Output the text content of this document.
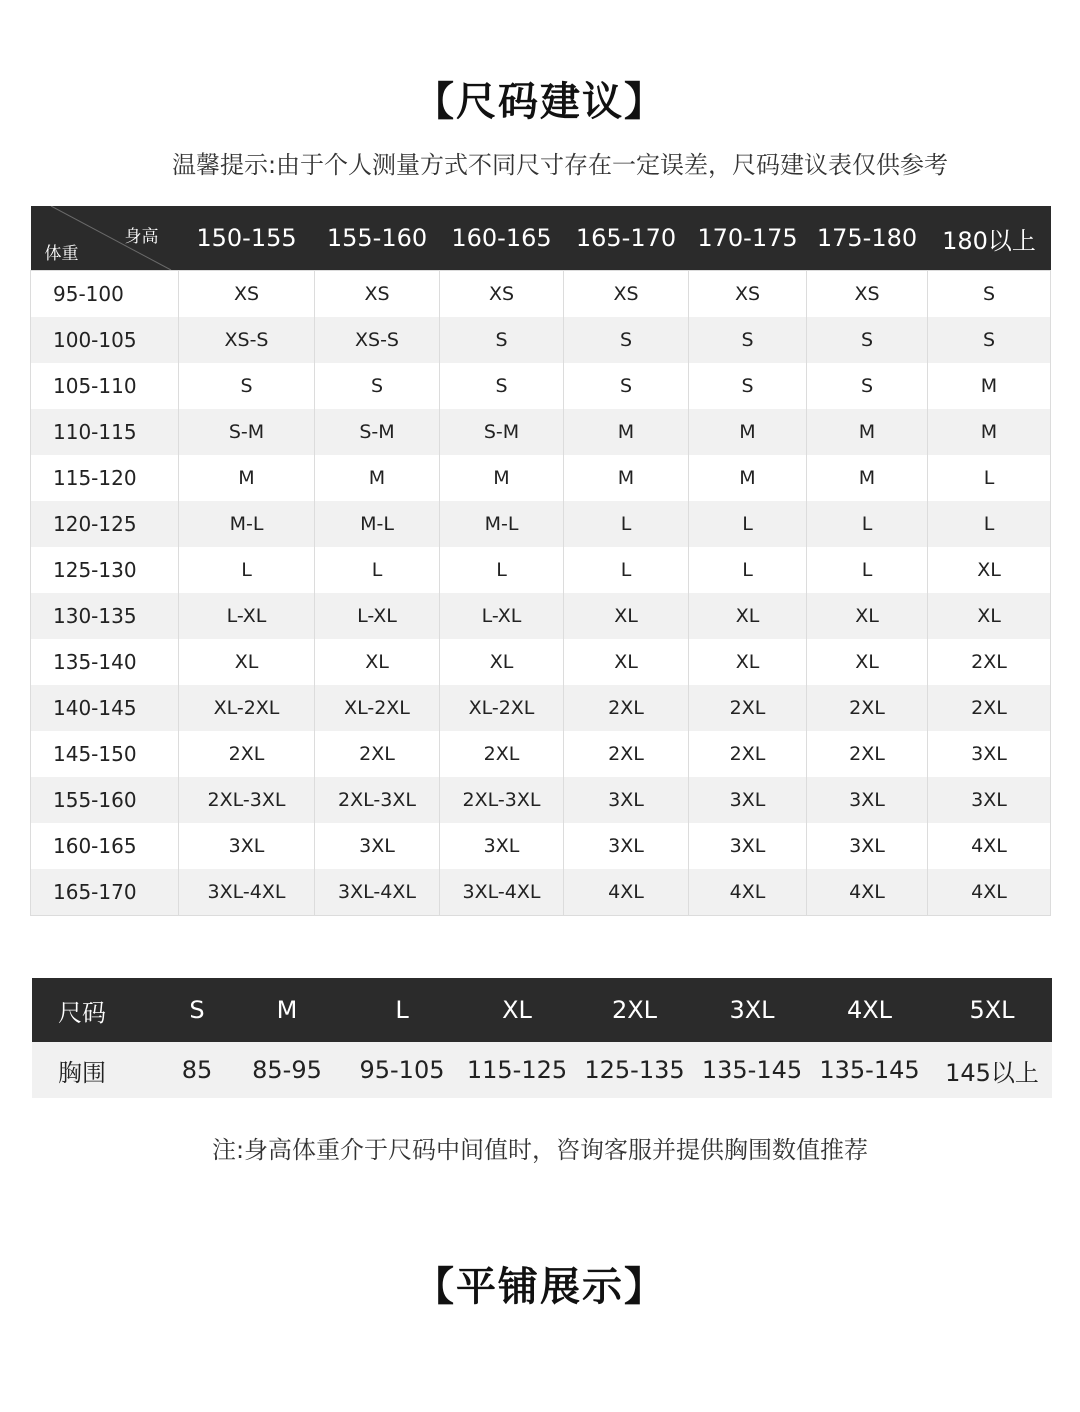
【尺码建议】
温馨提示:由于个人测量方式不同尺寸存在一定误差，尺码建议表仅供参考
身高
体重	150-155	155-160	160-165	165-170	170-175	175-180	180以上
95-100	XS	XS	XS	XS	XS	XS	S
100-105	XS-S	XS-S	S	S	S	S	S
105-110	S	S	S	S	S	S	M
110-115	S-M	S-M	S-M	M	M	M	M
115-120	M	M	M	M	M	M	L
120-125	M-L	M-L	M-L	L	L	L	L
125-130	L	L	L	L	L	L	XL
130-135	L-XL	L-XL	L-XL	XL	XL	XL	XL
135-140	XL	XL	XL	XL	XL	XL	2XL
140-145	XL-2XL	XL-2XL	XL-2XL	2XL	2XL	2XL	2XL
145-150	2XL	2XL	2XL	2XL	2XL	2XL	3XL
155-160	2XL-3XL	2XL-3XL	2XL-3XL	3XL	3XL	3XL	3XL
160-165	3XL	3XL	3XL	3XL	3XL	3XL	4XL
165-170	3XL-4XL	3XL-4XL	3XL-4XL	4XL	4XL	4XL	4XL
尺码	S	M	L	XL	2XL	3XL	4XL	5XL
胸围	85	85-95	95-105	115-125	125-135	135-145	135-145	145以上
注:身高体重介于尺码中间值时，咨询客服并提供胸围数值推荐
【平铺展示】
